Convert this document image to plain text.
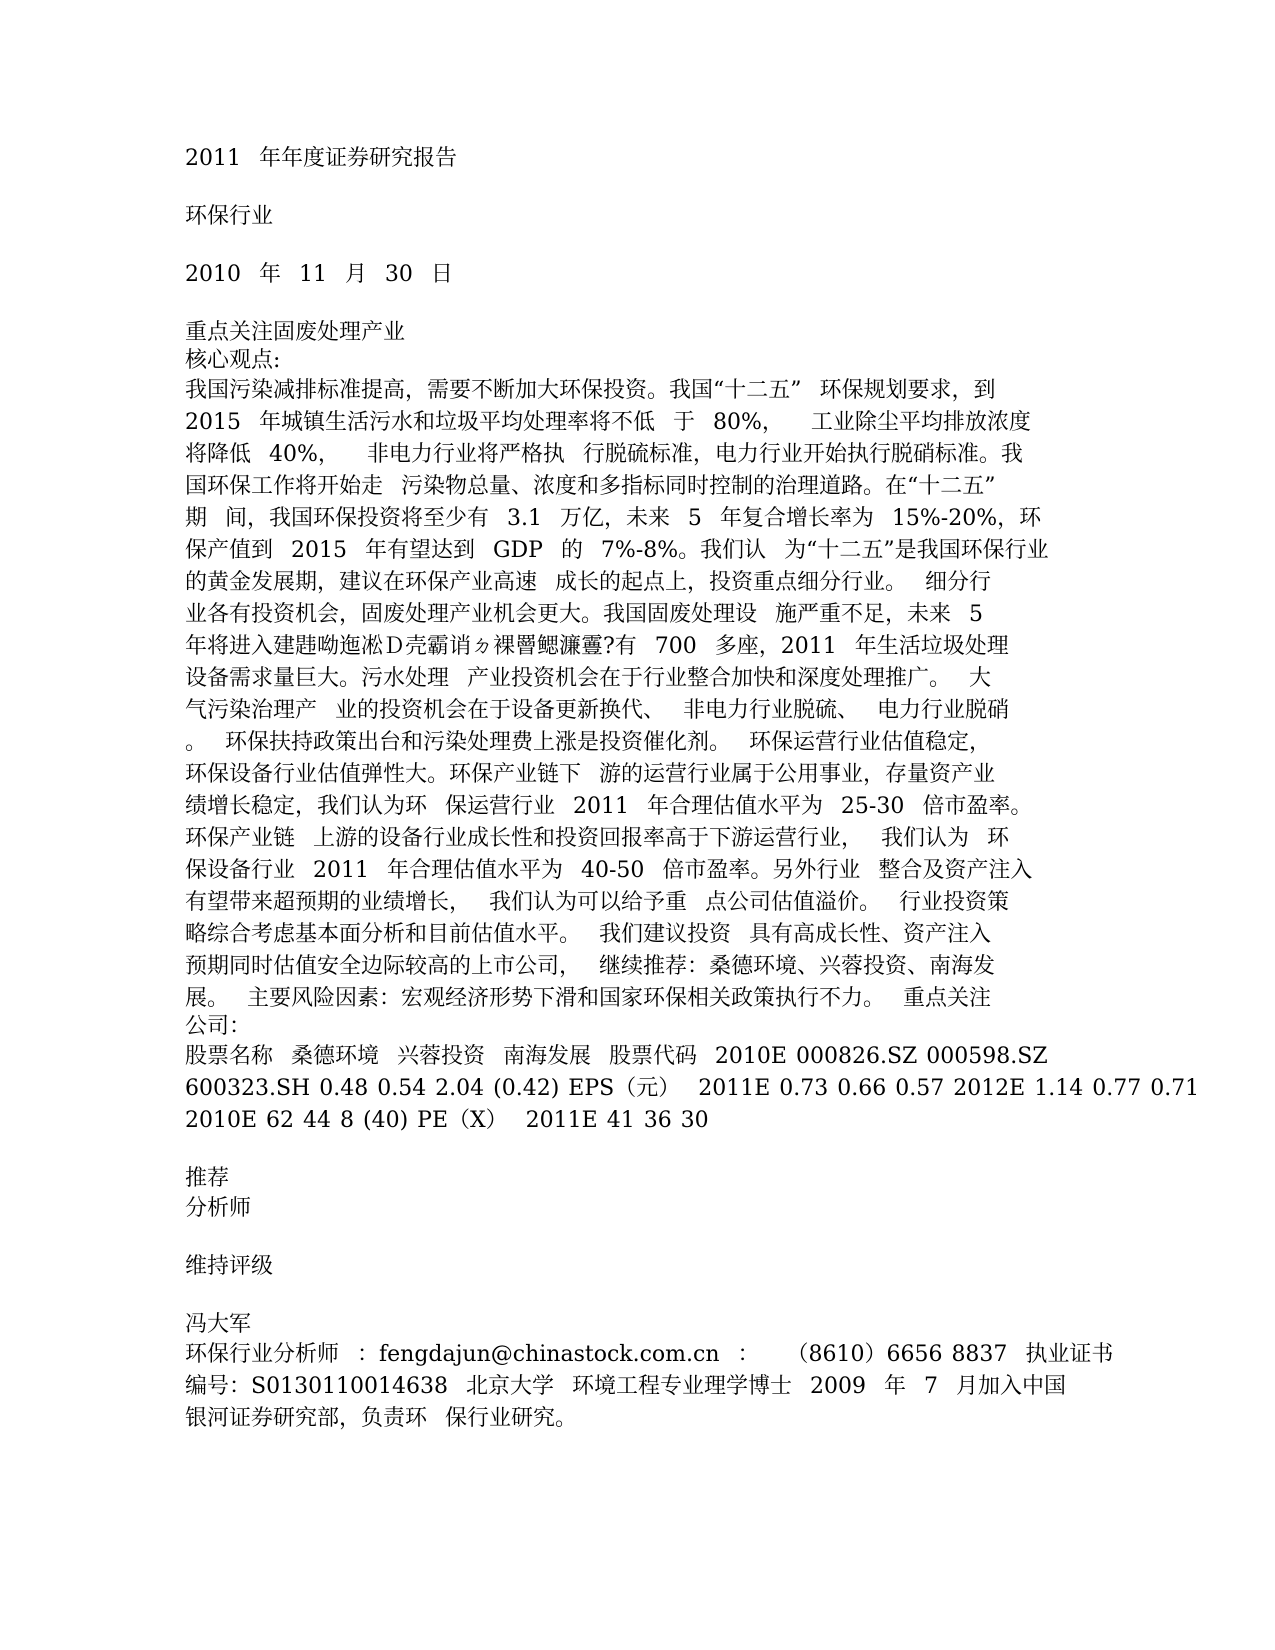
2011  年年度证券研究报告
环保行业
2010  年  11  月  30  日
重点关注固废处理产业
核心观点:
我国污染减排标准提高，需要不断加大环保投资。我国“十二五”  环保规划要求，到
2015  年城镇生活污水和垃圾平均处理率将不低  于  80%，   工业除尘平均排放浓度
将降低  40%，   非电力行业将严格执  行脱硫标准，电力行业开始执行脱硝标准。我
国环保工作将开始走  污染物总量、浓度和多指标同时控制的治理道路。在“十二五”
期  间，我国环保投资将至少有  3.1  万亿，未来  5  年复合增长率为  15%-20%，环
保产值到  2015  年有望达到  GDP  的  7%-8%。我们认  为“十二五”是我国环保行业
的黄金发展期，建议在环保产业高速  成长的起点上，投资重点细分行业。  细分行
业各有投资机会，固废处理产业机会更大。我国固废处理设  施严重不足，未来  5
年将进入建韪呦迤凇Ｄ壳霸诮ㄉ裸罾鳃濂霻?有  700  多座，2011  年生活垃圾处理
设备需求量巨大。污水处理  产业投资机会在于行业整合加快和深度处理推广。  大
气污染治理产  业的投资机会在于设备更新换代、  非电力行业脱硫、  电力行业脱硝
。  环保扶持政策出台和污染处理费上涨是投资催化剂。  环保运营行业估值稳定，
环保设备行业估值弹性大。环保产业链下  游的运营行业属于公用事业，存量资产业
绩增长稳定，我们认为环  保运营行业  2011  年合理估值水平为  25-30  倍市盈率。
环保产业链  上游的设备行业成长性和投资回报率高于下游运营行业，  我们认为  环
保设备行业  2011  年合理估值水平为  40-50  倍市盈率。另外行业  整合及资产注入
有望带来超预期的业绩增长，  我们认为可以给予重  点公司估值溢价。  行业投资策
略综合考虑基本面分析和目前估值水平。  我们建议投资  具有高成长性、资产注入
预期同时估值安全边际较高的上市公司，  继续推荐：桑德环境、兴蓉投资、南海发
展。  主要风险因素：宏观经济形势下滑和国家环保相关政策执行不力。  重点关注
公司：
股票名称  桑德环境  兴蓉投资  南海发展  股票代码  2010E 000826.SZ 000598.SZ
600323.SH 0.48 0.54 2.04 (0.42) EPS（元）  2011E 0.73 0.66 0.57 2012E 1.14 0.77 0.71
2010E 62 44 8 (40) PE（X）  2011E 41 36 30
推荐
分析师
维持评级
冯大军
环保行业分析师  ：fengdajun@chinastock.com.cn  ：   （8610）6656 8837  执业证书
编号：S0130110014638  北京大学  环境工程专业理学博士  2009  年  7  月加入中国
银河证券研究部，负责环  保行业研究。
